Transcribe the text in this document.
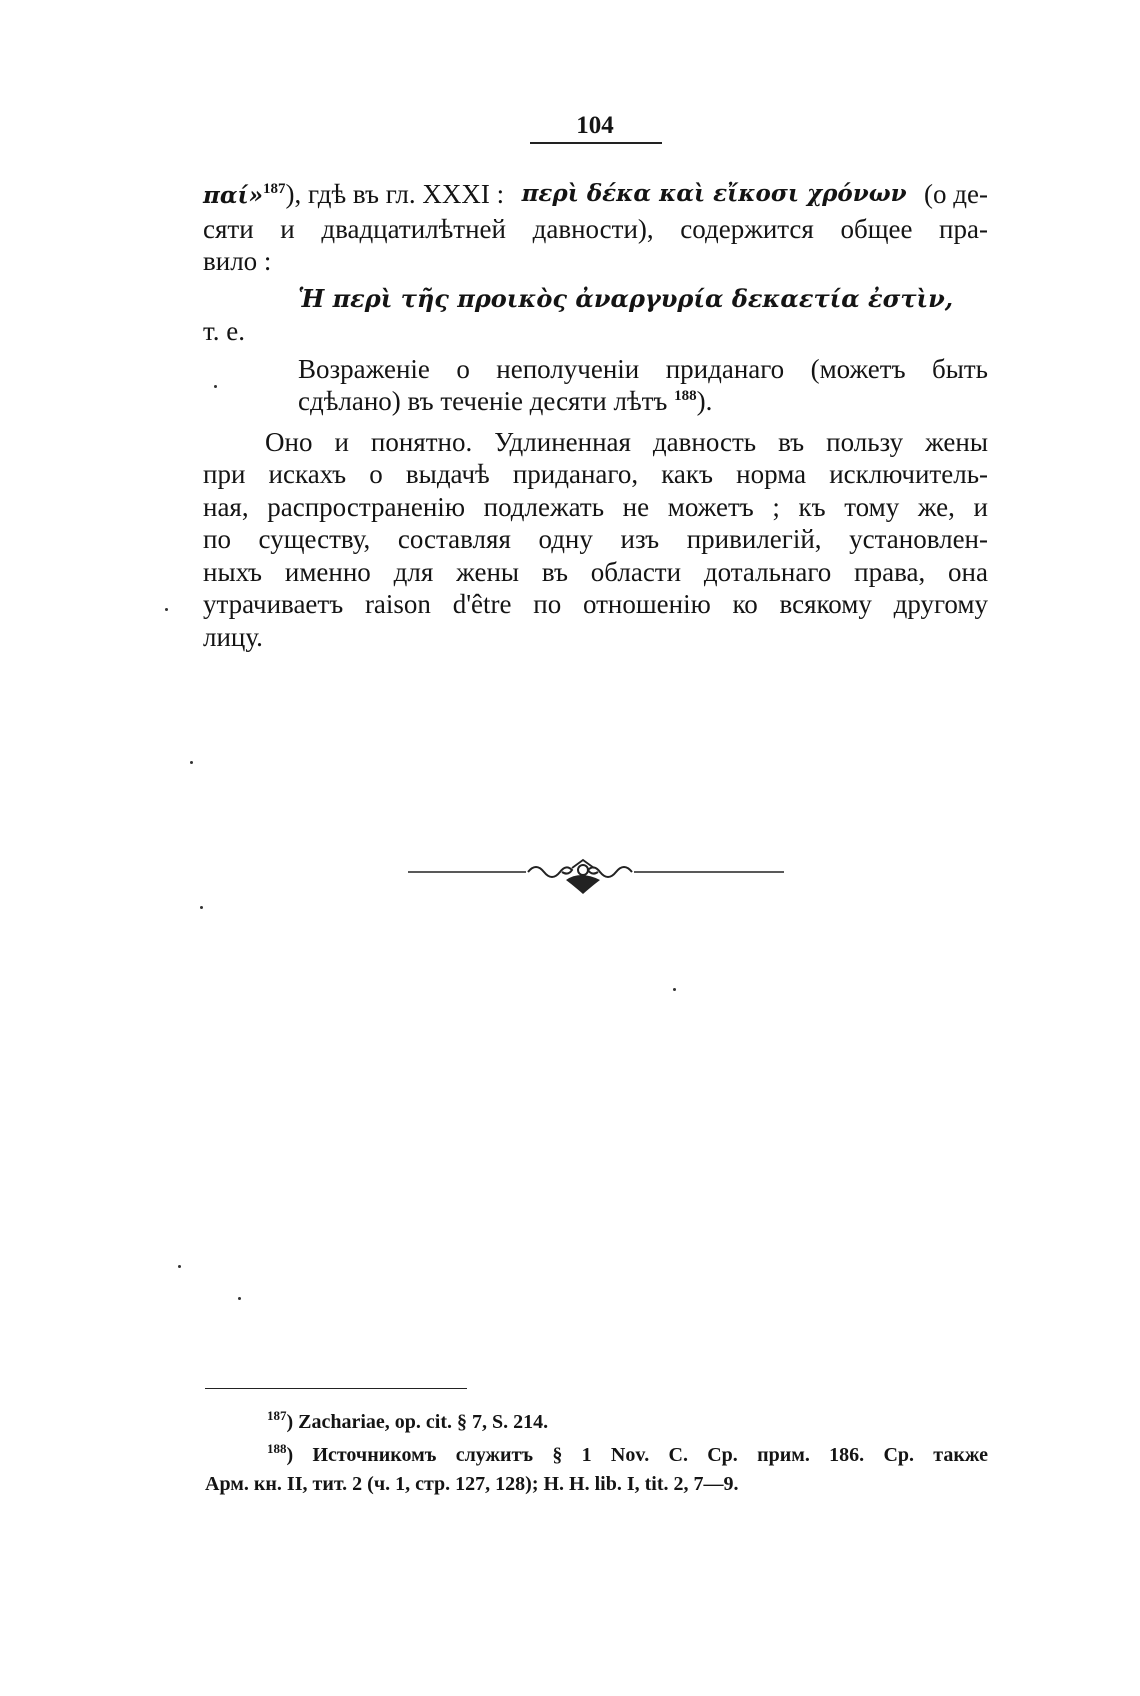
104
παί»$^{187}$), гдѣ въ гл. XXXI : περὶ δέκα καὶ εἴκοσι χρόνων (о де-
сяти и двадцатилѣтней давности), содержится общее пра-
вило :
Ἡ περὶ τῆς προικὸς ἀναργυρία δεκαετία ἐστὶν,
т. е.
Возраженіе о неполученіи приданаго (можетъ быть
сдѣлано) въ теченіе десяти лѣтъ $^{188}$).
Оно и понятно. Удлиненная давность въ пользу жены
при искахъ о выдачѣ приданаго, какъ норма исключитель-
ная, распространенію подлежать не можетъ ; къ тому же, и
по существу, составляя одну изъ привилегій, установлен-
ныхъ именно для жены въ области дотальнаго права, она
утрачиваетъ raison d'être по отношенію ко всякому другому
лицу.
$^{187}$) Zachariae, op. cit. § 7, S. 214.
$^{188}$) Источникомъ служитъ § 1 Nov. C. Ср. прим. 186. Ср. также
Арм. кн. II, тит. 2 (ч. 1, стр. 127, 128); Н. Н. lib. I, tit. 2, 7—9.
